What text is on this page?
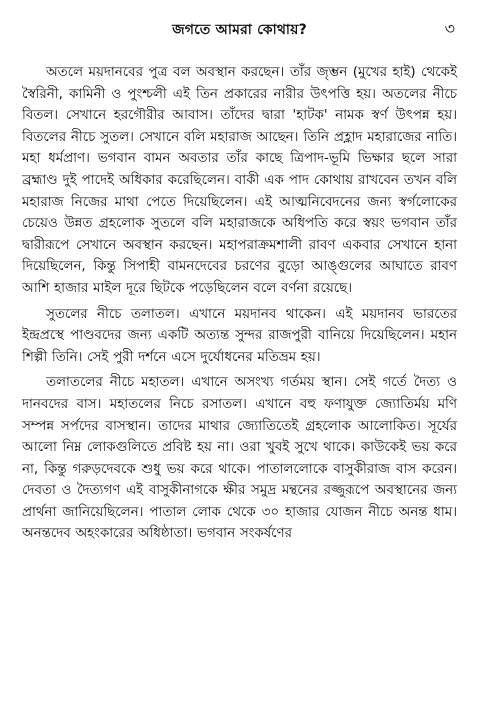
জগতে আমরা কোথায়?	৩

অতলে ময়দানবের পুত্র বল অবস্থান করছেন। তাঁর জৃম্ভন (মুখের হাই) থেকেই স্বৈরিনী, কামিনী ও পুংশ্চলী এই তিন প্রকারের নারীর উৎপত্তি হয়। অতলের নীচে বিতল। সেখানে হরগৌরীর আবাস। তাঁদের দ্বারা 'হাটক' নামক স্বর্ণ উৎপন্ন হয়। বিতলের নীচে সুতল। সেখানে বলি মহারাজ আছেন। তিনি প্রহ্লাদ মহারাজের নাতি। মহা ধর্মপ্রাণ। ভগবান বামন অবতার তাঁর কাছে ত্রিপাদ-ভূমি ভিক্ষার ছলে সারা ব্রহ্মাণ্ড দুই পাদেই অধিকার করেছিলেন। বাকী এক পাদ কোথায় রাখবেন তখন বলি মহারাজ নিজের মাথা পেতে দিয়েছিলেন। এই আত্মনিবেদনের জন্য স্বর্গলোকের চেয়েও উন্নত গ্রহলোক সুতলে বলি মহারাজকে অধিপতি করে স্বয়ং ভগবান তাঁর দ্বারীরূপে সেখানে অবস্থান করছেন। মহাপরাক্রমশালী রাবণ একবার সেখানে হানা দিয়েছিলেন, কিন্তু সিপাহী বামনদেবের চরণের বুড়ো আঙ্গুলের আঘাতে রাবণ আশি হাজার মাইল দূরে ছিটকে পড়েছিলেন বলে বর্ণনা রয়েছে।

সুতলের নীচে তলাতল। এখানে ময়দানব থাকেন। এই ময়দানব ভারতের ইন্দ্রপ্রস্থে পাণ্ডবদের জন্য একটি অত্যন্ত সুন্দর রাজপুরী বানিয়ে দিয়েছিলেন। মহান শিল্পী তিনি। সেই পুরী দর্শনে এসে দুর্যোধনের মতিভ্রম হয়।

তলাতলের নীচে মহাতল। এখানে অসংখ্য গর্তময় স্থান। সেই গর্তে দৈত্য ও দানবদের বাস। মহাতলের নিচে রসাতল। এখানে বহু ফণাযুক্ত জ্যোতির্ময় মণি সম্পন্ন সর্পদের বাসস্থান। তাদের মাথার জ্যোতিতেই গ্রহলোক আলোকিত। সূর্যের আলো নিম্ন লোকগুলিতে প্রবিষ্ট হয় না। ওরা খুবই সুখে থাকে। কাউকেই ভয় করে না, কিন্তু গরুড়দেবকে শুধু ভয় করে থাকে। পাতাললোকে বাসুকীরাজ বাস করেন। দেবতা ও দৈত্যগণ এই বাসুকীনাগকে ক্ষীর সমুদ্র মন্থনের রজ্জুরূপে অবস্থানের জন্য প্রার্থনা জানিয়েছিলেন। পাতাল লোক থেকে ৩০ হাজার যোজন নীচে অনন্ত ধাম। অনন্তদেব অহংকারের অধিষ্ঠাতা। ভগবান সংকর্ষণের
